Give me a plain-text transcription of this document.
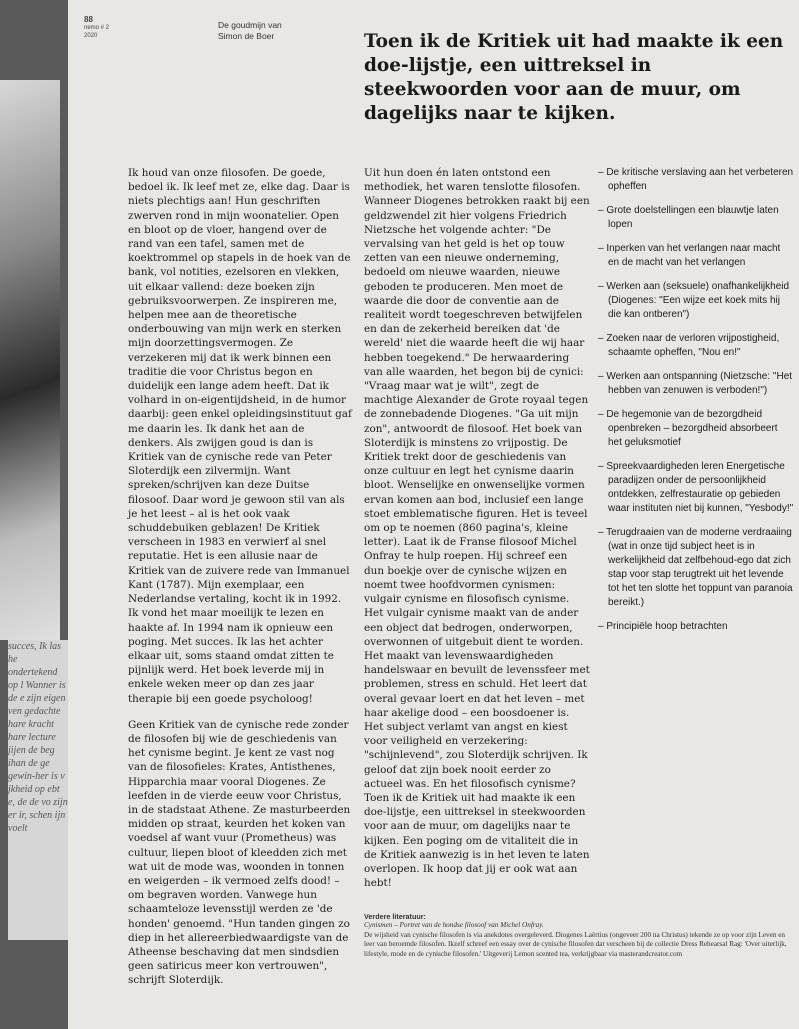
succes, Ik las he ondertekend op l Wanner is de e zijn eigen ven gedachte hare kracht hare lecture jijen de beg ihan de ge gewin-her is v jkheid op ebt e, de de vo zijn er ir, schen ijn voelt
88
nemo # 2
2020
De goudmijn van
Simon de Boer	Toen ik de Kritiek uit had maakte ik een doe-lijstje, een uittreksel in steekwoorden voor aan de muur, om dagelijks naar te kijken.

Ik houd van onze filosofen. De goede, bedoel ik. Ik leef met ze, elke dag. Daar is niets plechtigs aan! Hun geschriften zwerven rond in mijn woonatelier. Open en bloot op de vloer, hangend over de rand van een tafel, samen met de koektrommel op stapels in de hoek van de bank, vol notities, ezelsoren en vlekken, uit elkaar vallend: deze boeken zijn gebruiksvoorwerpen. Ze inspireren me, helpen mee aan de theoretische onderbouwing van mijn werk en sterken mijn doorzettingsvermogen. Ze verzekeren mij dat ik werk binnen een traditie die voor Christus begon en duidelijk een lange adem heeft. Dat ik volhard in on-eigentijdsheid, in de humor daarbij: geen enkel opleidingsinstituut gaf me daarin les. Ik dank het aan de denkers. Als zwijgen goud is dan is Kritiek van de cynische rede van Peter Sloterdijk een zilvermijn. Want spreken/schrijven kan deze Duitse filosoof. Daar word je gewoon stil van als je het leest – al is het ook vaak schuddebuiken geblazen! De Kritiek verscheen in 1983 en verwierf al snel reputatie. Het is een allusie naar de Kritiek van de zuivere rede van Immanuel Kant (1787). Mijn exemplaar, een Nederlandse vertaling, kocht ik in 1992. Ik vond het maar moeilijk te lezen en haakte af. In 1994 nam ik opnieuw een poging. Met succes. Ik las het achter elkaar uit, soms staand omdat zitten te pijnlijk werd. Het boek leverde mij in enkele weken meer op dan zes jaar therapie bij een goede psycholoog!

Geen Kritiek van de cynische rede zonder de filosofen bij wie de geschiedenis van het cynisme begint. Je kent ze vast nog van de filosofieles: Krates, Antisthenes, Hipparchia maar vooral Diogenes. Ze leefden in de vierde eeuw voor Christus, in de stadstaat Athene. Ze masturbeerden midden op straat, keurden het koken van voedsel af want vuur (Prometheus) was cultuur, liepen bloot of kleedden zich met wat uit de mode was, woonden in tonnen en weigerden – ik vermoed zelfs dood! – om begraven worden. Vanwege hun schaamteloze levensstijl werden ze 'de honden' genoemd. "Hun tanden gingen zo diep in het allereerbiedwaardigste van de Atheense beschaving dat men sindsdien geen satiricus meer kon vertrouwen", schrijft Sloterdijk.

Uit hun doen én laten ontstond een methodiek, het waren tenslotte filosofen. Wanneer Diogenes betrokken raakt bij een geldzwendel zit hier volgens Friedrich Nietzsche het volgende achter: "De vervalsing van het geld is het op touw zetten van een nieuwe onderneming, bedoeld om nieuwe waarden, nieuwe geboden te produceren. Men moet de waarde die door de conventie aan de realiteit wordt toegeschreven betwijfelen en dan de zekerheid bereiken dat 'de wereld' niet die waarde heeft die wij haar hebben toegekend." De herwaardering van alle waarden, het begon bij de cynici: "Vraag maar wat je wilt", zegt de machtige Alexander de Grote royaal tegen de zonnebadende Diogenes. "Ga uit mijn zon", antwoordt de filosoof. Het boek van Sloterdijk is minstens zo vrijpostig. De Kritiek trekt door de geschiedenis van onze cultuur en legt het cynisme daarin bloot. Wenselijke en onwenselijke vormen ervan komen aan bod, inclusief een lange stoet emblematische figuren. Het is teveel om op te noemen (860 pagina's, kleine letter). Laat ik de Franse filosoof Michel Onfray te hulp roepen. Hij schreef een dun boekje over de cynische wijzen en noemt twee hoofdvormen cynismen: vulgair cynisme en filosofisch cynisme. Het vulgair cynisme maakt van de ander een object dat bedrogen, onderworpen, overwonnen of uitgebuit dient te worden. Het maakt van levenswaardigheden handelswaar en bevuilt de levenssfeer met problemen, stress en schuld. Het leert dat overal gevaar loert en dat het leven – met haar akelige dood – een boosdoener is. Het subject verlamt van angst en kiest voor veiligheid en verzekering: "schijnlevend", zou Sloterdijk schrijven. Ik geloof dat zijn boek nooit eerder zo actueel was. En het filosofisch cynisme? Toen ik de Kritiek uit had maakte ik een doe-lijstje, een uittreksel in steekwoorden voor aan de muur, om dagelijks naar te kijken. Een poging om de vitaliteit die in de Kritiek aanwezig is in het leven te laten overlopen. Ik hoop dat jij er ook wat aan hebt!

– De kritische verslaving aan het verbeteren opheffen
– Grote doelstellingen een blauwtje laten lopen
– Inperken van het verlangen naar macht en de macht van het verlangen
– Werken aan (seksuele) onafhankelijkheid (Diogenes: "Een wijze eet koek mits hij die kan ontberen")
– Zoeken naar de verloren vrijpostigheid, schaamte opheffen, "Nou en!"
– Werken aan ontspanning (Nietzsche: "Het hebben van zenuwen is verboden!")
– De hegemonie van de bezorgdheid openbreken – bezorgdheid absorbeert het geluksmotief
– Spreekvaardigheden leren Energetische paradijzen onder de persoonlijkheid ontdekken, zelfrestauratie op gebieden waar instituten niet bij kunnen, "Yesbody!"
– Terugdraaien van de moderne verdraaiing (wat in onze tijd subject heet is in werkelijkheid dat zelfbehoud-ego dat zich stap voor stap terugtrekt uit het levende tot het ten slotte het toppunt van paranoia bereikt.)
– Principiële hoop betrachten
Verdere literatuur:
Cynismen – Portret van de hondse filosoof van Michel Onfray.
De wijsheid van cynische filosofen is via anekdotes overgeleverd. Diogenes Laërtius (ongeveer 200 na Christus) tekende ze op voor zijn Leven en leer van beroemde filosofen. Ikzelf schreef een essay over de cynische filosofen dat verscheen bij de collectie Dress Rehearsal Rag: 'Over uiterlijk, lifestyle, mode en de cynische filosofen.' Uitgeverij Lemon scented tea, verkrijgbaar via masterandcreator.com
